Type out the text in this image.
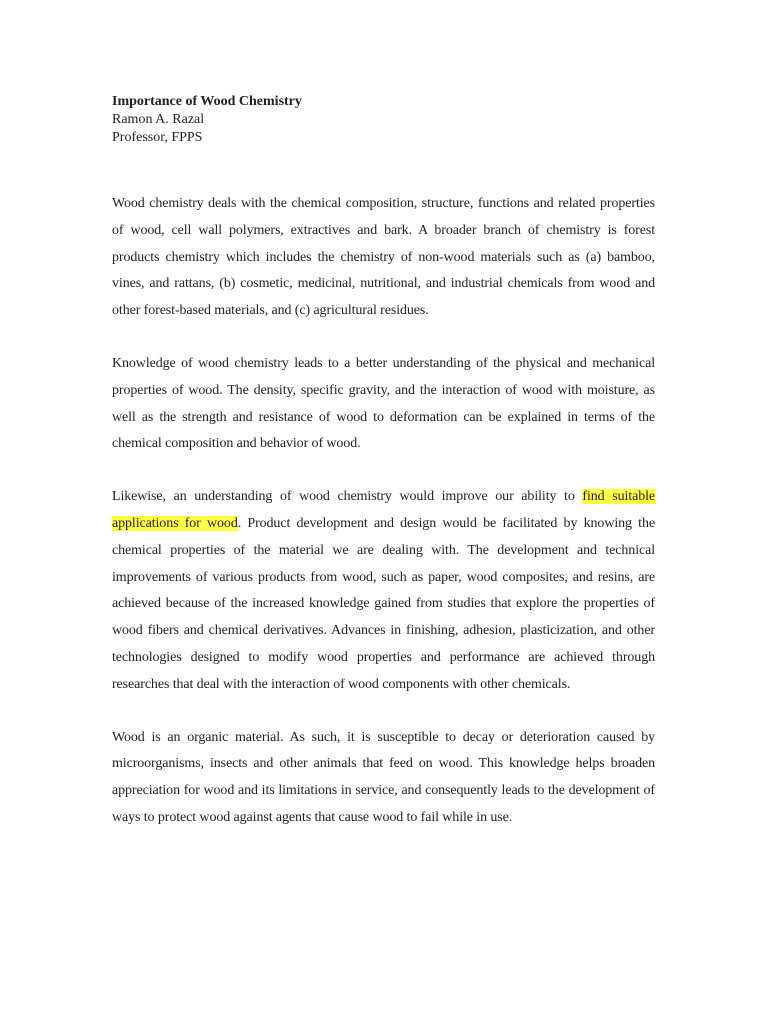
Importance of Wood Chemistry

Ramon A. Razal

Professor, FPPS

Wood chemistry deals with the chemical composition, structure, functions and related properties of wood, cell wall polymers, extractives and bark. A broader branch of chemistry is forest products chemistry which includes the chemistry of non-wood materials such as (a) bamboo, vines, and rattans, (b) cosmetic, medicinal, nutritional, and industrial chemicals from wood and other forest-based materials, and (c) agricultural residues.

Knowledge of wood chemistry leads to a better understanding of the physical and mechanical properties of wood. The density, specific gravity, and the interaction of wood with moisture, as well as the strength and resistance of wood to deformation can be explained in terms of the chemical composition and behavior of wood.

Likewise, an understanding of wood chemistry would improve our ability to find suitable applications for wood. Product development and design would be facilitated by knowing the chemical properties of the material we are dealing with. The development and technical improvements of various products from wood, such as paper, wood composites, and resins, are achieved because of the increased knowledge gained from studies that explore the properties of wood fibers and chemical derivatives. Advances in finishing, adhesion, plasticization, and other technologies designed to modify wood properties and performance are achieved through researches that deal with the interaction of wood components with other chemicals.

Wood is an organic material. As such, it is susceptible to decay or deterioration caused by microorganisms, insects and other animals that feed on wood. This knowledge helps broaden appreciation for wood and its limitations in service, and consequently leads to the development of ways to protect wood against agents that cause wood to fail while in use.
